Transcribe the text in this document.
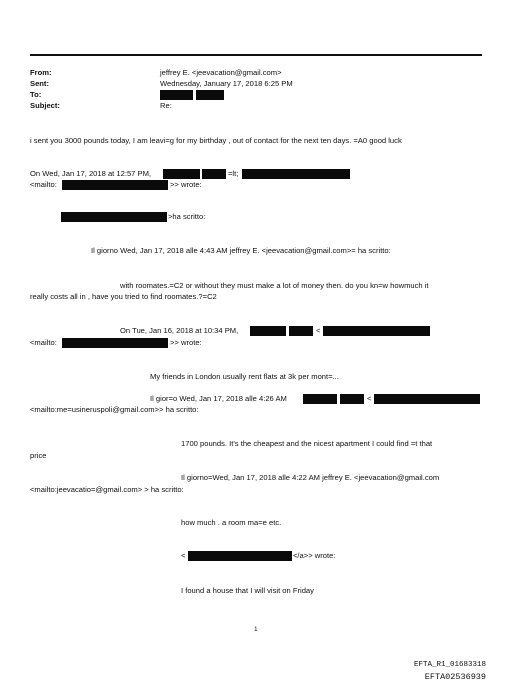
From:	jeffrey E. <jeevacation@gmail.com>
Sent:	Wednesday, January 17, 2018 6:25 PM
To:
Subject:	Re:
i sent you 3000 pounds today, I am leavi=g for my birthday , out of contact for the next ten days. =A0 good luck
On Wed, Jan 17, 2018 at 12:57 PM,	=lt;
<mailto:	>> wrote:
>ha scritto:
Il giorno Wed, Jan 17, 2018 alle 4:43 AM jeffrey E. <jeevacation@gmail.com>= ha scritto:
with roomates.=C2 or without they must make a lot of money then. do you kn=w howmuch it
really costs all in , have you tried to find roomates.?=C2
On Tue, Jan 16, 2018 at 10:34 PM,	<
<mailto:	>> wrote:
My friends in London usually rent flats at 3k per mont=...
Il gior=o Wed, Jan 17, 2018 alle 4:26 AM	<
<mailto:me=usineruspoli@gmail.com>> ha scritto:
1700 pounds. It's the cheapest and the nicest apartment I could find =t that
price
Il giorno=Wed, Jan 17, 2018 alle 4:22 AM jeffrey E. <jeevacation@gmail.com
<mailto:jeevacatio=@gmail.com> > ha scritto:
how much . a room ma=e etc.
<	</a>> wrote:
I found a house that I will visit on Friday
1
EFTA_R1_01683318
EFTA02536939
